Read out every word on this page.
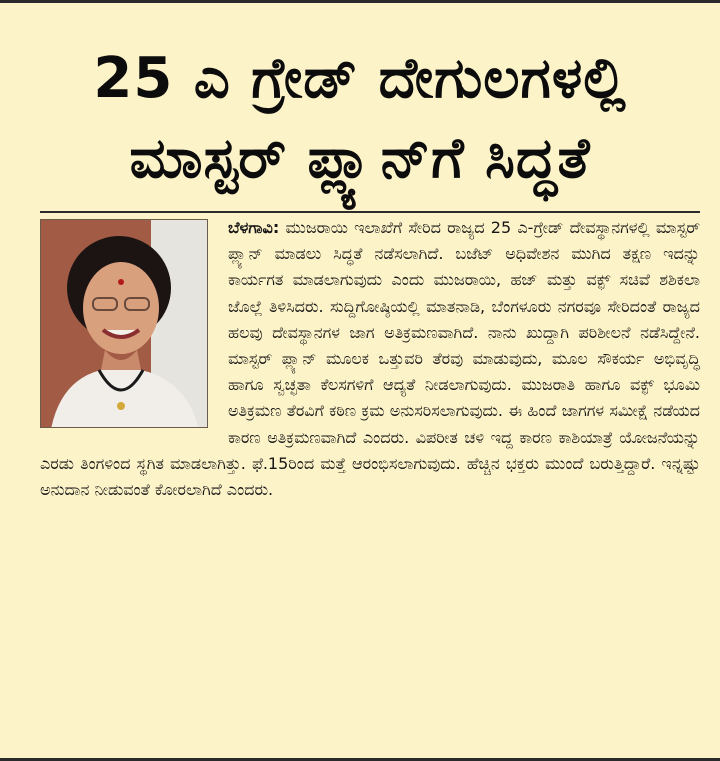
25 ಎ ಗ್ರೇಡ್ ದೇಗುಲಗಳಲ್ಲಿ
ಮಾಸ್ಟರ್ ಪ್ಲ್ಯಾನ್‌ಗೆ ಸಿದ್ಧತೆ

ಬೆಳಗಾವಿ: ಮುಜರಾಯಿ ಇಲಾಖೆಗೆ ಸೇರಿದ ರಾಜ್ಯದ 25 ಎ-ಗ್ರೇಡ್ ದೇವಸ್ಥಾನಗಳಲ್ಲಿ ಮಾಸ್ಟರ್ ಪ್ಲ್ಯಾನ್ ಮಾಡಲು ಸಿದ್ಧತೆ ನಡೆಸಲಾಗಿದೆ. ಬಜೆಟ್ ಅಧಿವೇಶನ ಮುಗಿದ ತಕ್ಷಣ ಇದನ್ನು ಕಾರ್ಯಗತ ಮಾಡಲಾಗುವುದು ಎಂದು ಮುಜರಾಯಿ, ಹಜ್ ಮತ್ತು ವಕ್ಫ್ ಸಚಿವೆ ಶಶಿಕಲಾ ಜೊಲ್ಲೆ ತಿಳಿಸಿದರು. ಸುದ್ದಿಗೋಷ್ಠಿಯಲ್ಲಿ ಮಾತನಾಡಿ, ಬೆಂಗಳೂರು ನಗರವೂ ಸೇರಿದಂತೆ ರಾಜ್ಯದ ಹಲವು ದೇವಸ್ಥಾನಗಳ ಜಾಗ ಅತಿಕ್ರಮಣವಾಗಿದೆ. ನಾನು ಖುದ್ದಾಗಿ ಪರಿಶೀಲನೆ ನಡೆಸಿದ್ದೇನೆ. ಮಾಸ್ಟರ್ ಪ್ಲ್ಯಾನ್ ಮೂಲಕ ಒತ್ತುವರಿ ತೆರವು ಮಾಡುವುದು, ಮೂಲ ಸೌಕರ್ಯ ಅಭಿವೃದ್ಧಿ ಹಾಗೂ ಸ್ವಚ್ಛತಾ ಕೆಲಸಗಳಿಗೆ ಆದ್ಯತೆ ನೀಡಲಾಗುವುದು. ಮುಜರಾತಿ ಹಾಗೂ ವಕ್ಫ್ ಭೂಮಿ ಅತಿಕ್ರಮಣ ತೆರವಿಗೆ ಕಠಿಣ ಕ್ರಮ ಅನುಸರಿಸಲಾಗುವುದು. ಈ ಹಿಂದೆ ಜಾಗಗಳ ಸಮೀಕ್ಷೆ ನಡೆಯದ ಕಾರಣ ಅತಿಕ್ರಮಣವಾಗಿದೆ ಎಂದರು. ವಿಪರೀತ ಚಳಿ ಇದ್ದ ಕಾರಣ ಕಾಶಿಯಾತ್ರೆ ಯೋಜನೆಯನ್ನು ಎರಡು ತಿಂಗಳಿಂದ ಸ್ಥಗಿತ ಮಾಡಲಾಗಿತ್ತು. ಫೆ.15ರಿಂದ ಮತ್ತೆ ಆರಂಭಿಸಲಾಗುವುದು. ಹೆಚ್ಚಿನ ಭಕ್ತರು ಮುಂದೆ ಬರುತ್ತಿದ್ದಾರೆ. ಇನ್ನಷ್ಟು ಅನುದಾನ ನೀಡುವಂತೆ ಕೋರಲಾಗಿದೆ ಎಂದರು.
